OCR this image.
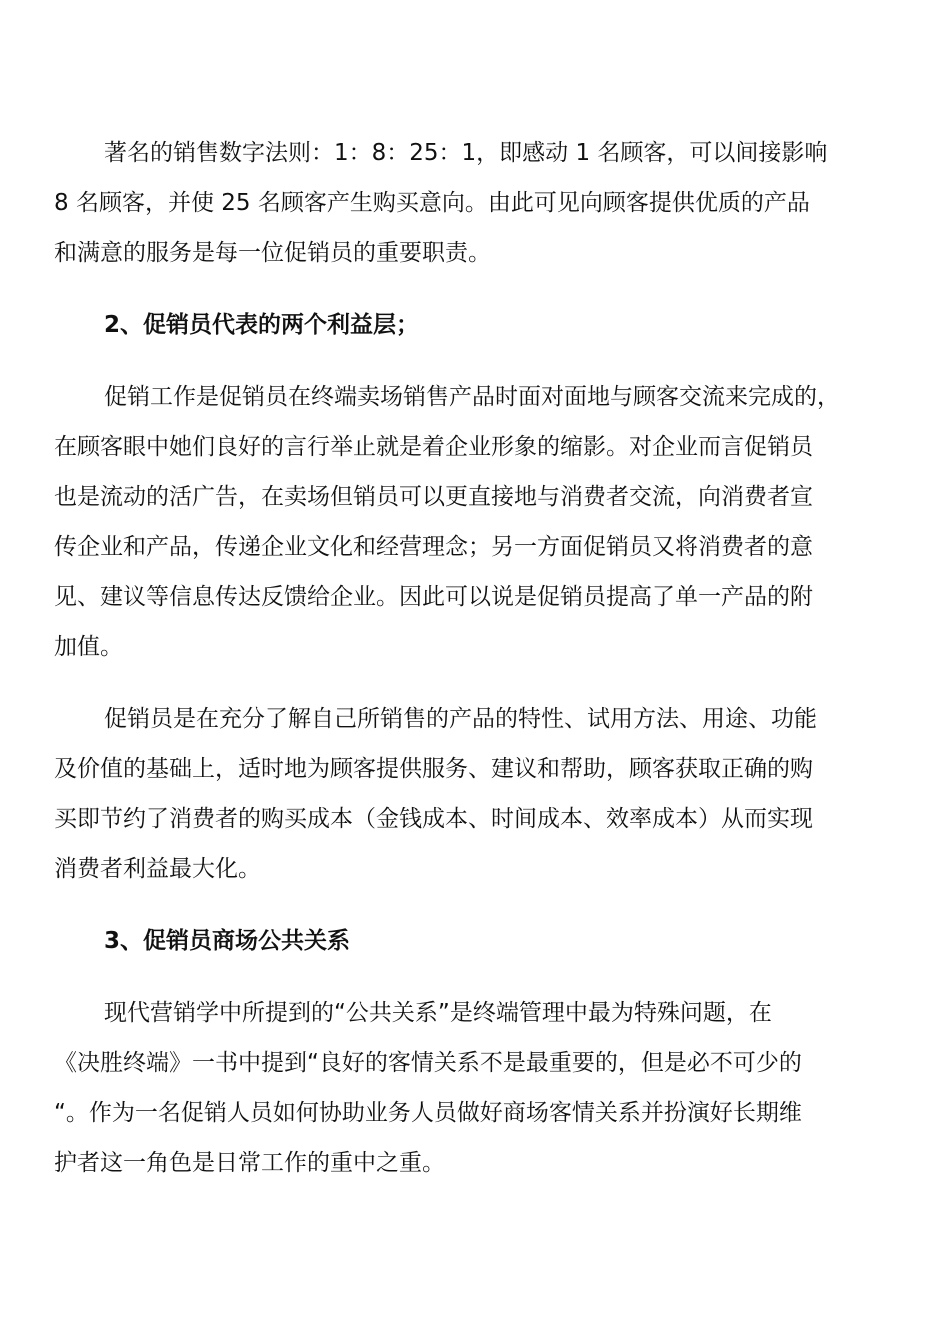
著名的销售数字法则：1：8：25：1，即感动 1 名顾客，可以间接影响
8 名顾客，并使 25 名顾客产生购买意向。由此可见向顾客提供优质的产品
和满意的服务是每一位促销员的重要职责。
2、促销员代表的两个利益层；
促销工作是促销员在终端卖场销售产品时面对面地与顾客交流来完成的，
在顾客眼中她们良好的言行举止就是着企业形象的缩影。对企业而言促销员
也是流动的活广告，在卖场但销员可以更直接地与消费者交流，向消费者宣
传企业和产品，传递企业文化和经营理念；另一方面促销员又将消费者的意
见、建议等信息传达反馈给企业。因此可以说是促销员提高了单一产品的附
加值。
促销员是在充分了解自己所销售的产品的特性、试用方法、用途、功能
及价值的基础上，适时地为顾客提供服务、建议和帮助，顾客获取正确的购
买即节约了消费者的购买成本（金钱成本、时间成本、效率成本）从而实现
消费者利益最大化。
3、促销员商场公共关系
现代营销学中所提到的“公共关系”是终端管理中最为特殊问题，在
《决胜终端》一书中提到“良好的客情关系不是最重要的，但是必不可少的
“。作为一名促销人员如何协助业务人员做好商场客情关系并扮演好长期维
护者这一角色是日常工作的重中之重。
